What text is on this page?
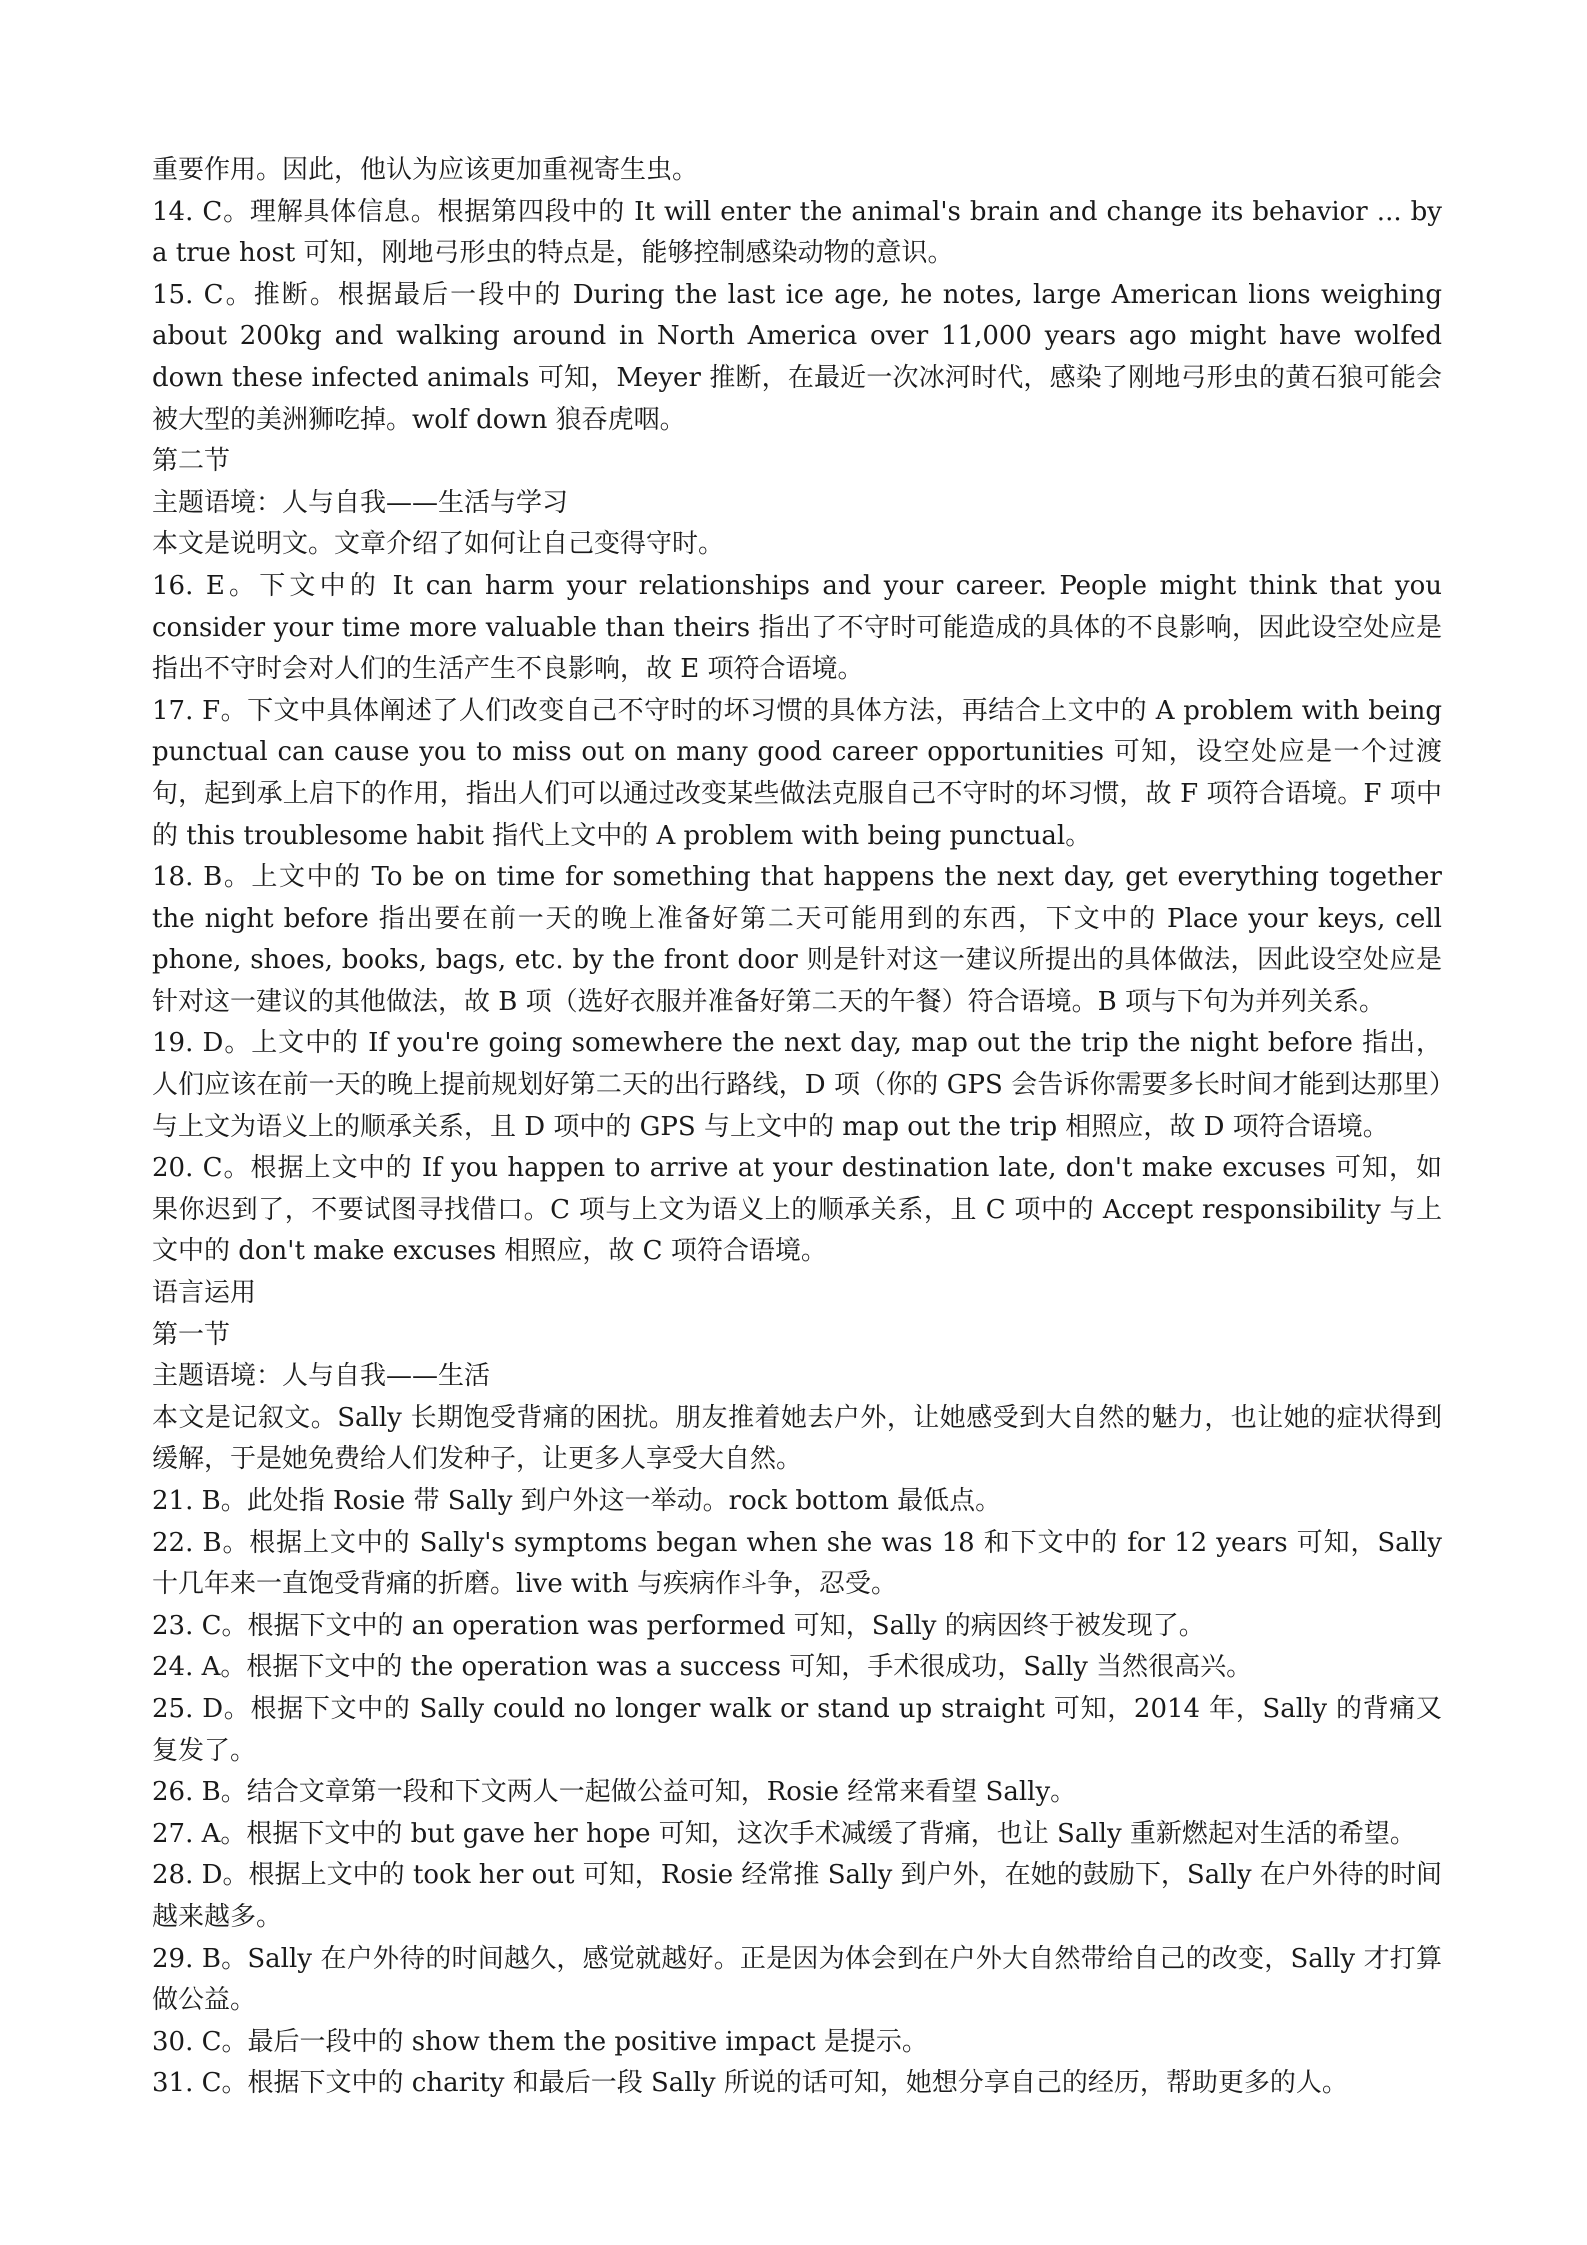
重要作用。因此，他认为应该更加重视寄生虫。

14. C。理解具体信息。根据第四段中的 It will enter the animal's brain and change its behavior ... by a true host 可知，刚地弓形虫的特点是，能够控制感染动物的意识。

15. C。推断。根据最后一段中的 During the last ice age, he notes, large American lions weighing about 200kg and walking around in North America over 11,000 years ago might have wolfed down these infected animals 可知，Meyer 推断，在最近一次冰河时代，感染了刚地弓形虫的黄石狼可能会被大型的美洲狮吃掉。wolf down 狼吞虎咽。

第二节

主题语境：人与自我——生活与学习

本文是说明文。文章介绍了如何让自己变得守时。

16. E。下文中的 It can harm your relationships and your career. People might think that you consider your time more valuable than theirs 指出了不守时可能造成的具体的不良影响，因此设空处应是指出不守时会对人们的生活产生不良影响，故 E 项符合语境。

17. F。下文中具体阐述了人们改变自己不守时的坏习惯的具体方法，再结合上文中的 A problem with being punctual can cause you to miss out on many good career opportunities 可知，设空处应是一个过渡句，起到承上启下的作用，指出人们可以通过改变某些做法克服自己不守时的坏习惯，故 F 项符合语境。F 项中的 this troublesome habit 指代上文中的 A problem with being punctual。

18. B。上文中的 To be on time for something that happens the next day, get everything together the night before 指出要在前一天的晚上准备好第二天可能用到的东西，下文中的 Place your keys, cell phone, shoes, books, bags, etc. by the front door 则是针对这一建议所提出的具体做法，因此设空处应是针对这一建议的其他做法，故 B 项（选好衣服并准备好第二天的午餐）符合语境。B 项与下句为并列关系。

19. D。上文中的 If you're going somewhere the next day, map out the trip the night before 指出，人们应该在前一天的晚上提前规划好第二天的出行路线，D 项（你的 GPS 会告诉你需要多长时间才能到达那里）与上文为语义上的顺承关系，且 D 项中的 GPS 与上文中的 map out the trip 相照应，故 D 项符合语境。

20. C。根据上文中的 If you happen to arrive at your destination late, don't make excuses 可知，如果你迟到了，不要试图寻找借口。C 项与上文为语义上的顺承关系，且 C 项中的 Accept responsibility 与上文中的 don't make excuses 相照应，故 C 项符合语境。

语言运用

第一节

主题语境：人与自我——生活

本文是记叙文。Sally 长期饱受背痛的困扰。朋友推着她去户外，让她感受到大自然的魅力，也让她的症状得到缓解，于是她免费给人们发种子，让更多人享受大自然。

21. B。此处指 Rosie 带 Sally 到户外这一举动。rock bottom 最低点。

22. B。根据上文中的 Sally's symptoms began when she was 18 和下文中的 for 12 years 可知，Sally 十几年来一直饱受背痛的折磨。live with 与疾病作斗争，忍受。

23. C。根据下文中的 an operation was performed 可知，Sally 的病因终于被发现了。

24. A。根据下文中的 the operation was a success 可知，手术很成功，Sally 当然很高兴。

25. D。根据下文中的 Sally could no longer walk or stand up straight 可知，2014 年，Sally 的背痛又复发了。

26. B。结合文章第一段和下文两人一起做公益可知，Rosie 经常来看望 Sally。

27. A。根据下文中的 but gave her hope 可知，这次手术减缓了背痛，也让 Sally 重新燃起对生活的希望。

28. D。根据上文中的 took her out 可知，Rosie 经常推 Sally 到户外，在她的鼓励下，Sally 在户外待的时间越来越多。

29. B。Sally 在户外待的时间越久，感觉就越好。正是因为体会到在户外大自然带给自己的改变，Sally 才打算做公益。

30. C。最后一段中的 show them the positive impact 是提示。

31. C。根据下文中的 charity 和最后一段 Sally 所说的话可知，她想分享自己的经历，帮助更多的人。
